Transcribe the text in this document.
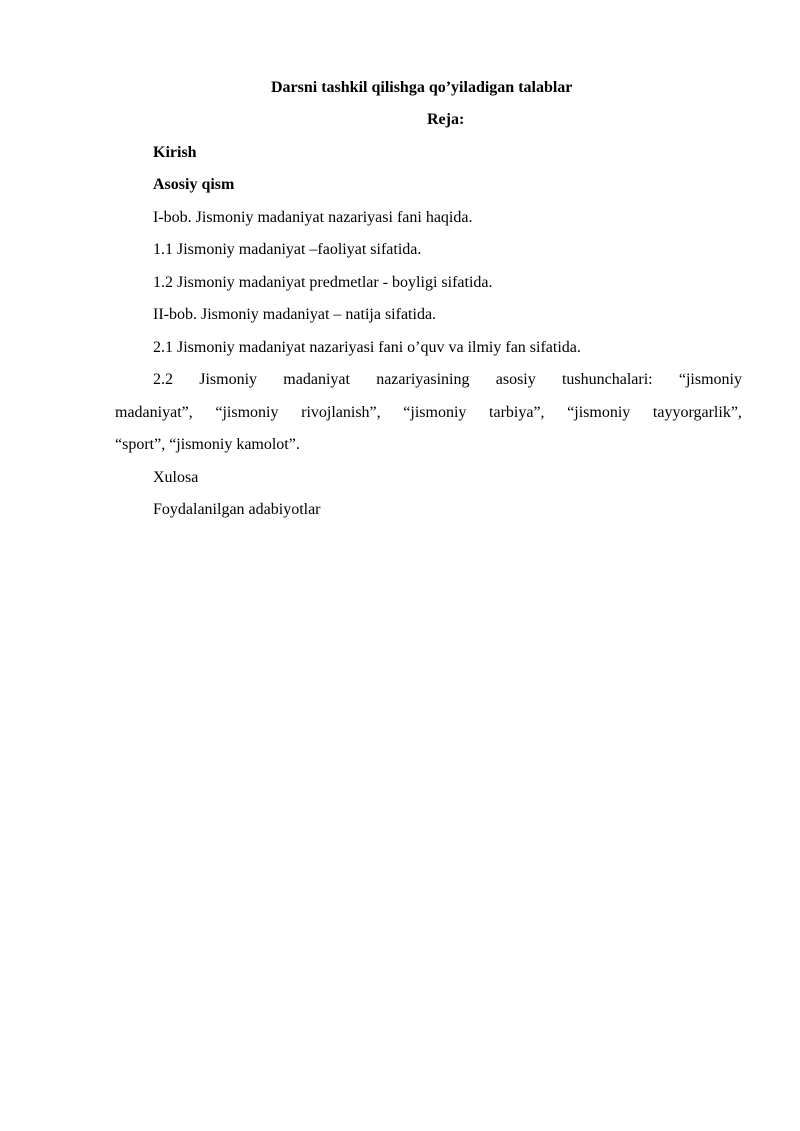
Darsni tashkil qilishga qo’yiladigan talablar
Reja:
Kirish
Asosiy qism
I-bob. Jismoniy madaniyat nazariyasi fani haqida.
1.1 Jismoniy madaniyat –faoliyat sifatida.
1.2 Jismoniy madaniyat predmetlar - boyligi sifatida.
II-bob. Jismoniy madaniyat – natija sifatida.
2.1 Jismoniy madaniyat nazariyasi fani o’quv va ilmiy fan sifatida.
2.2 Jismoniy madaniyat nazariyasining asosiy tushunchalari: “jismoniy
madaniyat”, “jismoniy rivojlanish”, “jismoniy tarbiya”, “jismoniy tayyorgarlik”,
“sport”, “jismoniy kamolot”.
Xulosa
Foydalanilgan adabiyotlar
